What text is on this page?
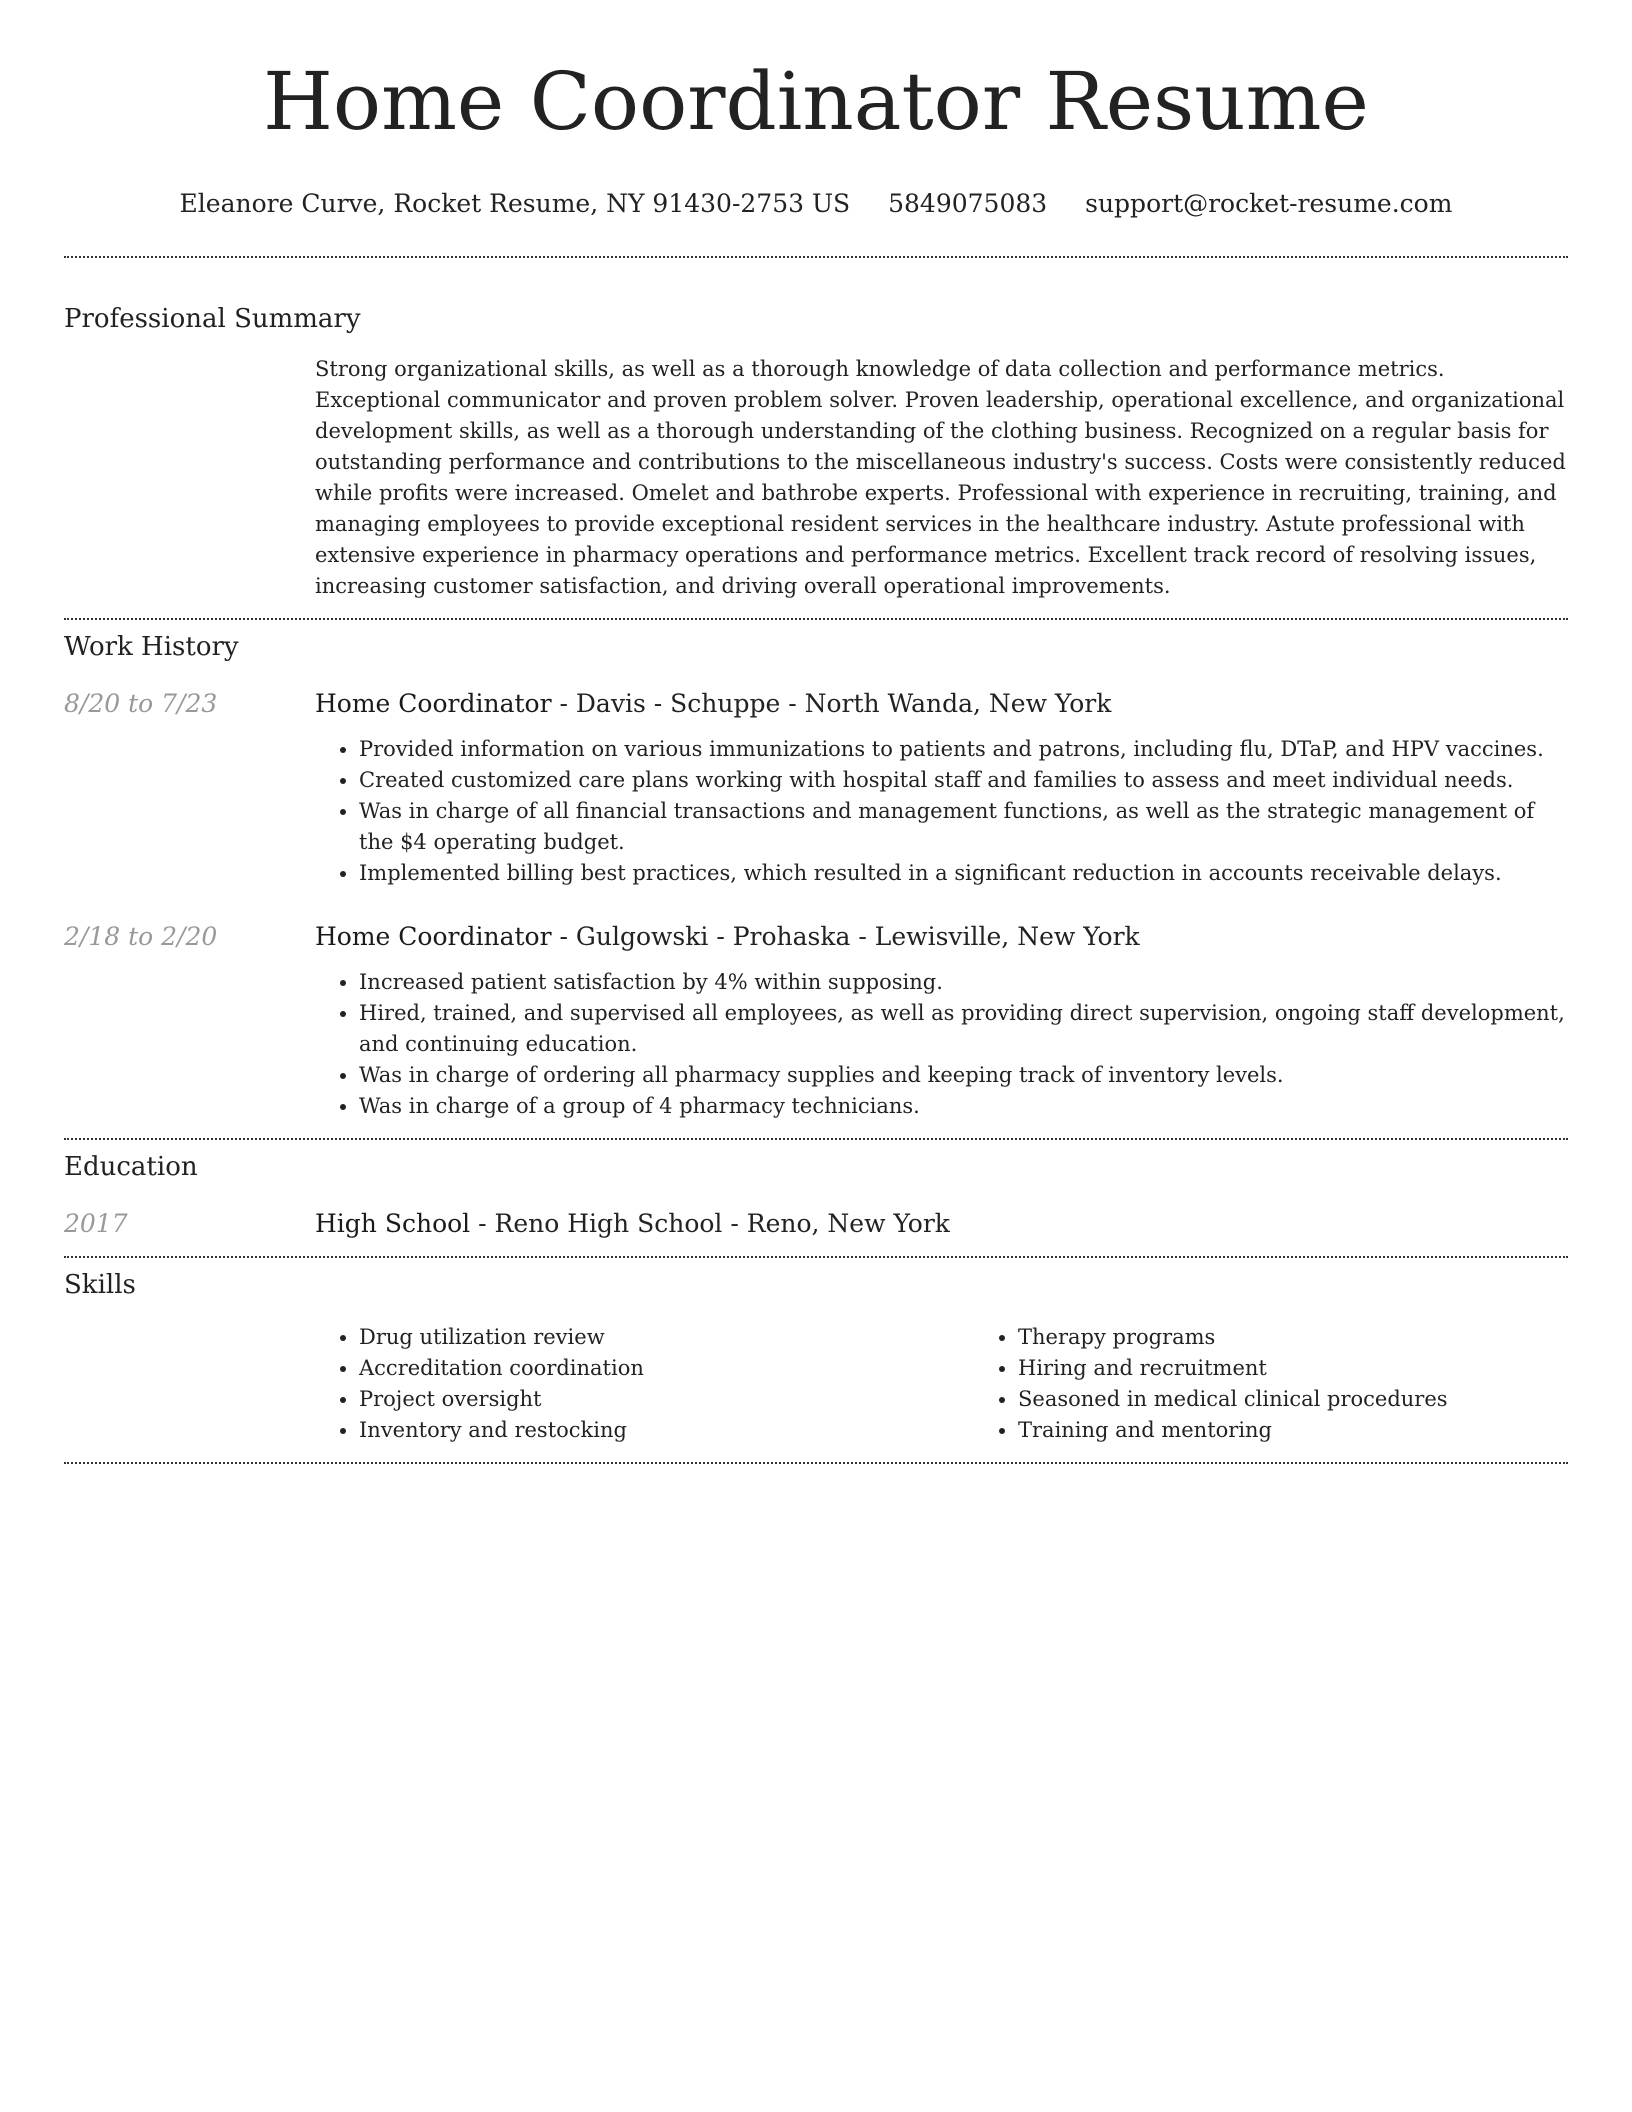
Home Coordinator Resume
Eleanore Curve, Rocket Resume, NY 91430-2753 US 5849075083 support@rocket-resume.com
Professional Summary

Strong organizational skills, as well as a thorough knowledge of data collection and performance metrics. Exceptional communicator and proven problem solver. Proven leadership, operational excellence, and organizational development skills, as well as a thorough understanding of the clothing business. Recognized on a regular basis for outstanding performance and contributions to the miscellaneous industry's success. Costs were consistently reduced while profits were increased. Omelet and bathrobe experts. Professional with experience in recruiting, training, and managing employees to provide exceptional resident services in the healthcare industry. Astute professional with extensive experience in pharmacy operations and performance metrics. Excellent track record of resolving issues, increasing customer satisfaction, and driving overall operational improvements.

Work History
8/20 to 7/23	Home Coordinator - Davis - Schuppe - North Wanda, New York
• Provided information on various immunizations to patients and patrons, including flu, DTaP, and HPV vaccines.
• Created customized care plans working with hospital staff and families to assess and meet individual needs.
• Was in charge of all financial transactions and management functions, as well as the strategic management of the $4 operating budget.
• Implemented billing best practices, which resulted in a significant reduction in accounts receivable delays.
2/18 to 2/20	Home Coordinator - Gulgowski - Prohaska - Lewisville, New York
• Increased patient satisfaction by 4% within supposing.
• Hired, trained, and supervised all employees, as well as providing direct supervision, ongoing staff development, and continuing education.
• Was in charge of ordering all pharmacy supplies and keeping track of inventory levels.
• Was in charge of a group of 4 pharmacy technicians.
Education
2017	High School - Reno High School - Reno, New York
Skills
• Drug utilization review
• Accreditation coordination
• Project oversight
• Inventory and restocking
• Therapy programs
• Hiring and recruitment
• Seasoned in medical clinical procedures
• Training and mentoring
